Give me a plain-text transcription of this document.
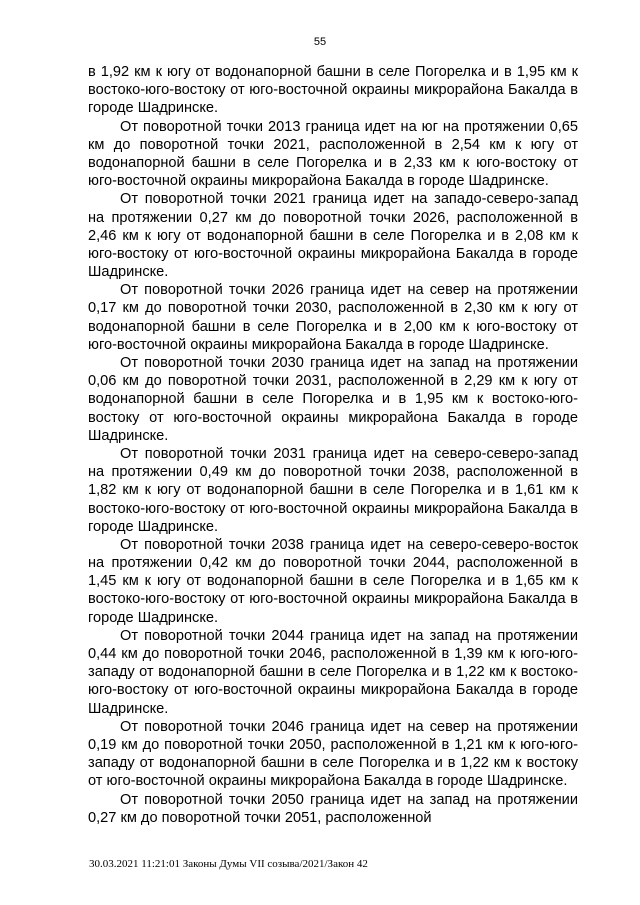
55

в 1,92 км к югу от водонапорной башни в селе Погорелка и в 1,95 км к востоко-юго-востоку от юго-восточной окраины микрорайона Бакалда в городе Шадринске.

От поворотной точки 2013 граница идет на юг на протяжении 0,65 км до поворотной точки 2021, расположенной в 2,54 км к югу от водонапорной башни в селе Погорелка и в 2,33 км к юго-востоку от юго-восточной окраины микрорайона Бакалда в городе Шадринске.

От поворотной точки 2021 граница идет на западо-северо-запад на протяжении 0,27 км до поворотной точки 2026, расположенной в 2,46 км к югу от водонапорной башни в селе Погорелка и в 2,08 км к юго-востоку от юго-восточной окраины микрорайона Бакалда в городе Шадринске.

От поворотной точки 2026 граница идет на север на протяжении 0,17 км до поворотной точки 2030, расположенной в 2,30 км к югу от водонапорной башни в селе Погорелка и в 2,00 км к юго-востоку от юго-восточной окраины микрорайона Бакалда в городе Шадринске.

От поворотной точки 2030 граница идет на запад на протяжении 0,06 км до поворотной точки 2031, расположенной в 2,29 км к югу от водонапорной башни в селе Погорелка и в 1,95 км к востоко-юго-востоку от юго-восточной окраины микрорайона Бакалда в городе Шадринске.

От поворотной точки 2031 граница идет на северо-северо-запад на протяжении 0,49 км до поворотной точки 2038, расположенной в 1,82 км к югу от водонапорной башни в селе Погорелка и в 1,61 км к востоко-юго-востоку от юго-восточной окраины микрорайона Бакалда в городе Шадринске.

От поворотной точки 2038 граница идет на северо-северо-восток на протяжении 0,42 км до поворотной точки 2044, расположенной в 1,45 км к югу от водонапорной башни в селе Погорелка и в 1,65 км к востоко-юго-востоку от юго-восточной окраины микрорайона Бакалда в городе Шадринске.

От поворотной точки 2044 граница идет на запад на протяжении 0,44 км до поворотной точки 2046, расположенной в 1,39 км к юго-юго-западу от водонапорной башни в селе Погорелка и в 1,22 км к востоко-юго-востоку от юго-восточной окраины микрорайона Бакалда в городе Шадринске.

От поворотной точки 2046 граница идет на север на протяжении 0,19 км до поворотной точки 2050, расположенной в 1,21 км к юго-юго-западу от водонапорной башни в селе Погорелка и в 1,22 км к востоку от юго-восточной окраины микрорайона Бакалда в городе Шадринске.

От поворотной точки 2050 граница идет на запад на протяжении 0,27 км до поворотной точки 2051, расположенной

30.03.2021 11:21:01 Законы Думы VII созыва/2021/Закон 42
